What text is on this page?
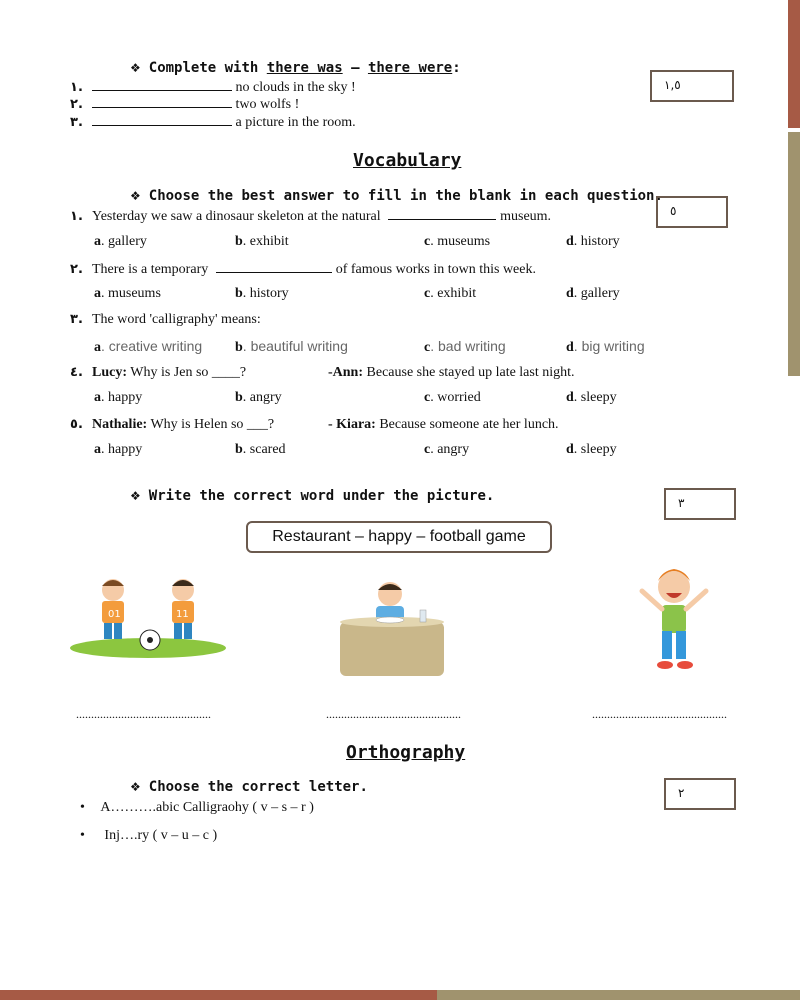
❖ Complete with there was – there were:
١,٥
١.	no clouds in the sky !
٢.	two wolfs !
٣.	a picture in the room.
Vocabulary
❖ Choose the best answer to fill in the blank in each question.
٥
١. Yesterday we saw a dinosaur skeleton at the natural	museum.
a. gallery	b. exhibit	c. museums	d. history
٢. There is a temporary	of famous works in town this week.
a. museums	b. history	c. exhibit	d. gallery
٣. The word 'calligraphy' means:
a. creative writing b. beautiful writing	c. bad writing	d. big writing
٤. Lucy: Why is Jen so ____?	-Ann: Because she stayed up late last night.
a. happy	b. angry	c. worried	d. sleepy
٥. Nathalie: Why is Helen so ___?	- Kiara: Because someone ate her lunch.
a. happy	b. scared	c. angry	d. sleepy
❖ Write the correct word under the picture.	٣
Restaurant – happy – football game
01	11
.............................................	.............................................	.............................................
Orthography
❖ Choose the correct letter.	٢
• A……….abic Calligraohy ( v – s – r )
• Inj….ry ( v – u – c )
